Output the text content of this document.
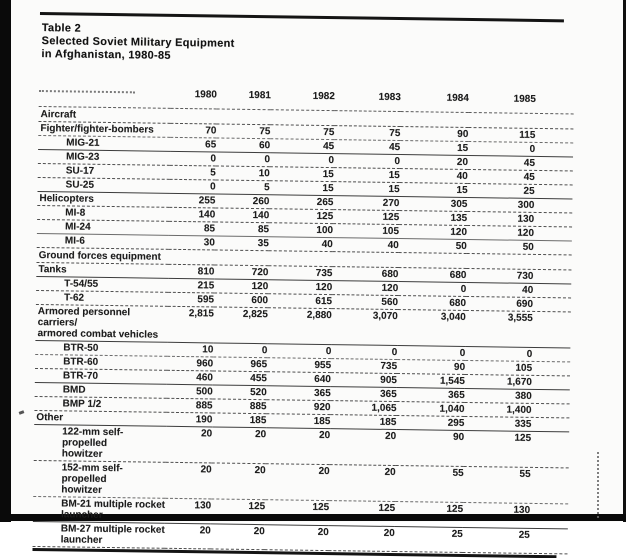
Table 2
Selected Soviet Military Equipment
in Afghanistan, 1980-85
	1980	1981	1982	1983	1984	1985

Aircraft						

Fighter/fighter-bombers	70	75	75	75	90	115

MIG-21	65	60	45	45	15	0

MIG-23	0	0	0	0	20	45

SU-17	5	10	15	15	40	45

SU-25	0	5	15	15	15	25

Helicopters	255	260	265	270	305	300

MI-8	140	140	125	125	135	130

MI-24	85	85	100	105	120	120

MI-6	30	35	40	40	50	50

Ground forces equipment						

Tanks	810	720	735	680	680	730

T-54/55	215	120	120	120	0	40

T-62	595	600	615	560	680	690

Armored personnel carriers/
armored combat vehicles	2,815	2,825	2,880	3,070	3,040	3,555

BTR-50	10	0	0	0	0	0

BTR-60	960	965	955	735	90	105

BTR-70	460	455	640	905	1,545	1,670

BMD	500	520	365	365	365	380

BMP 1/2	885	885	920	1,065	1,040	1,400

Other	190	185	185	185	295	335

122-mm self-propelled
howitzer	20	20	20	20	90	125

152-mm self-propelled
howitzer	20	20	20	20	55	55

BM-21 multiple rocket
launcher	130	125	125	125	125	130

BM-27 multiple rocket
launcher	20	20	20	20	25	25
